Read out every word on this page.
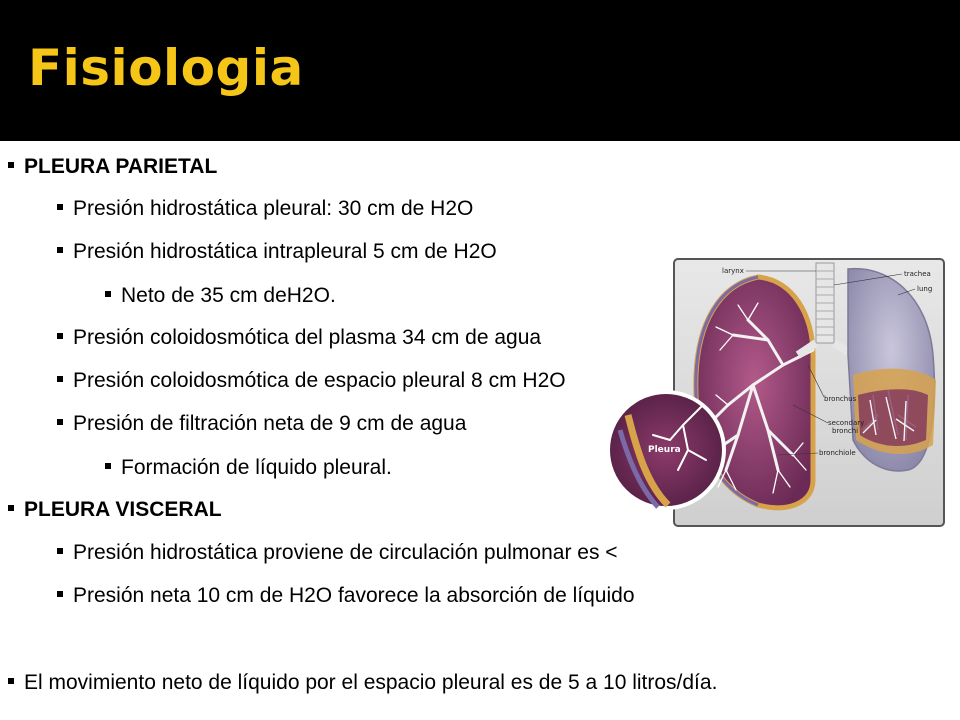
Fisiologia
PLEURA PARIETAL
Presión hidrostática pleural: 30 cm de H2O
Presión hidrostática intrapleural 5 cm de H2O
Neto de 35 cm deH2O.
Presión coloidosmótica del plasma 34 cm de agua
Presión coloidosmótica de espacio pleural 8 cm H2O
Presión de filtración neta de 9 cm de agua
Formación de líquido pleural.
PLEURA VISCERAL
Presión hidrostática proviene de circulación pulmonar es <
Presión neta 10 cm de H2O favorece la absorción de líquido
El movimiento neto de líquido por el espacio pleural es de 5 a 10 litros/día.
larynx	trachea
lung
bronchus
secondary
bronchi
bronchiole
Pleura
